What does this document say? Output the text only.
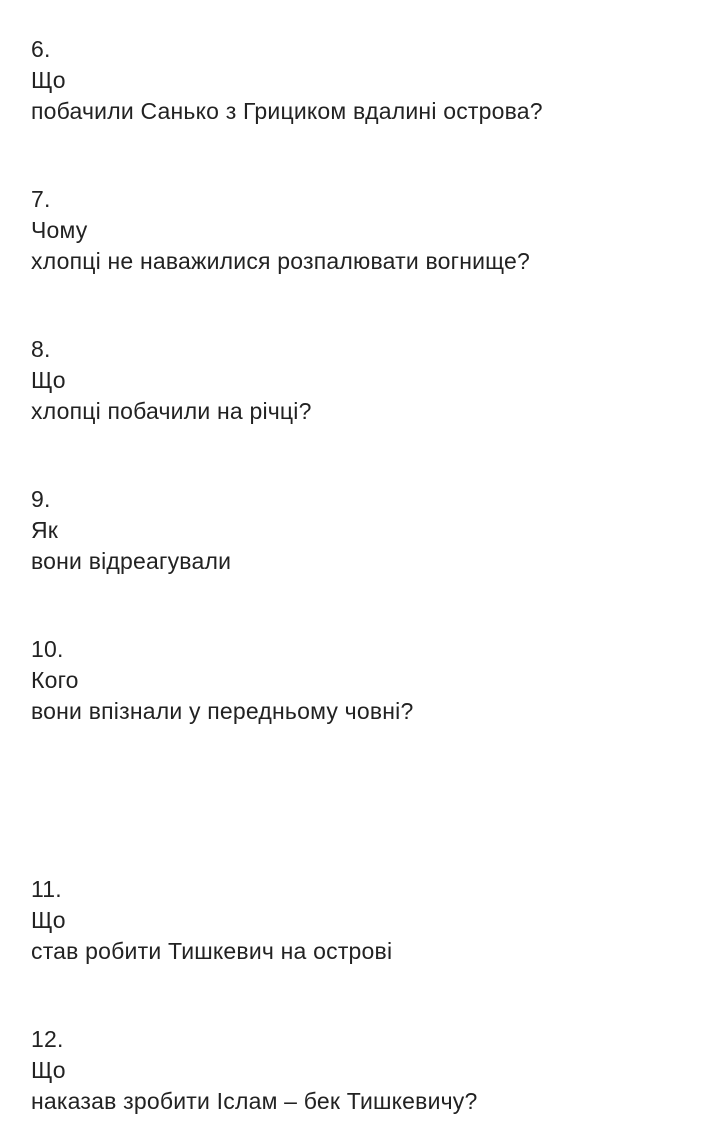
6.
Що
побачили Санько з Грициком вдалині острова?
7.
Чому
хлопці не наважилися розпалювати вогнище?
8.
Що
хлопці побачили на річці?
9.
Як
вони відреагували
10.
Кого
вони впізнали у передньому човні?
11.
Що
став робити Тишкевич на острові
12.
Що
наказав зробити Іслам – бек Тишкевичу?
